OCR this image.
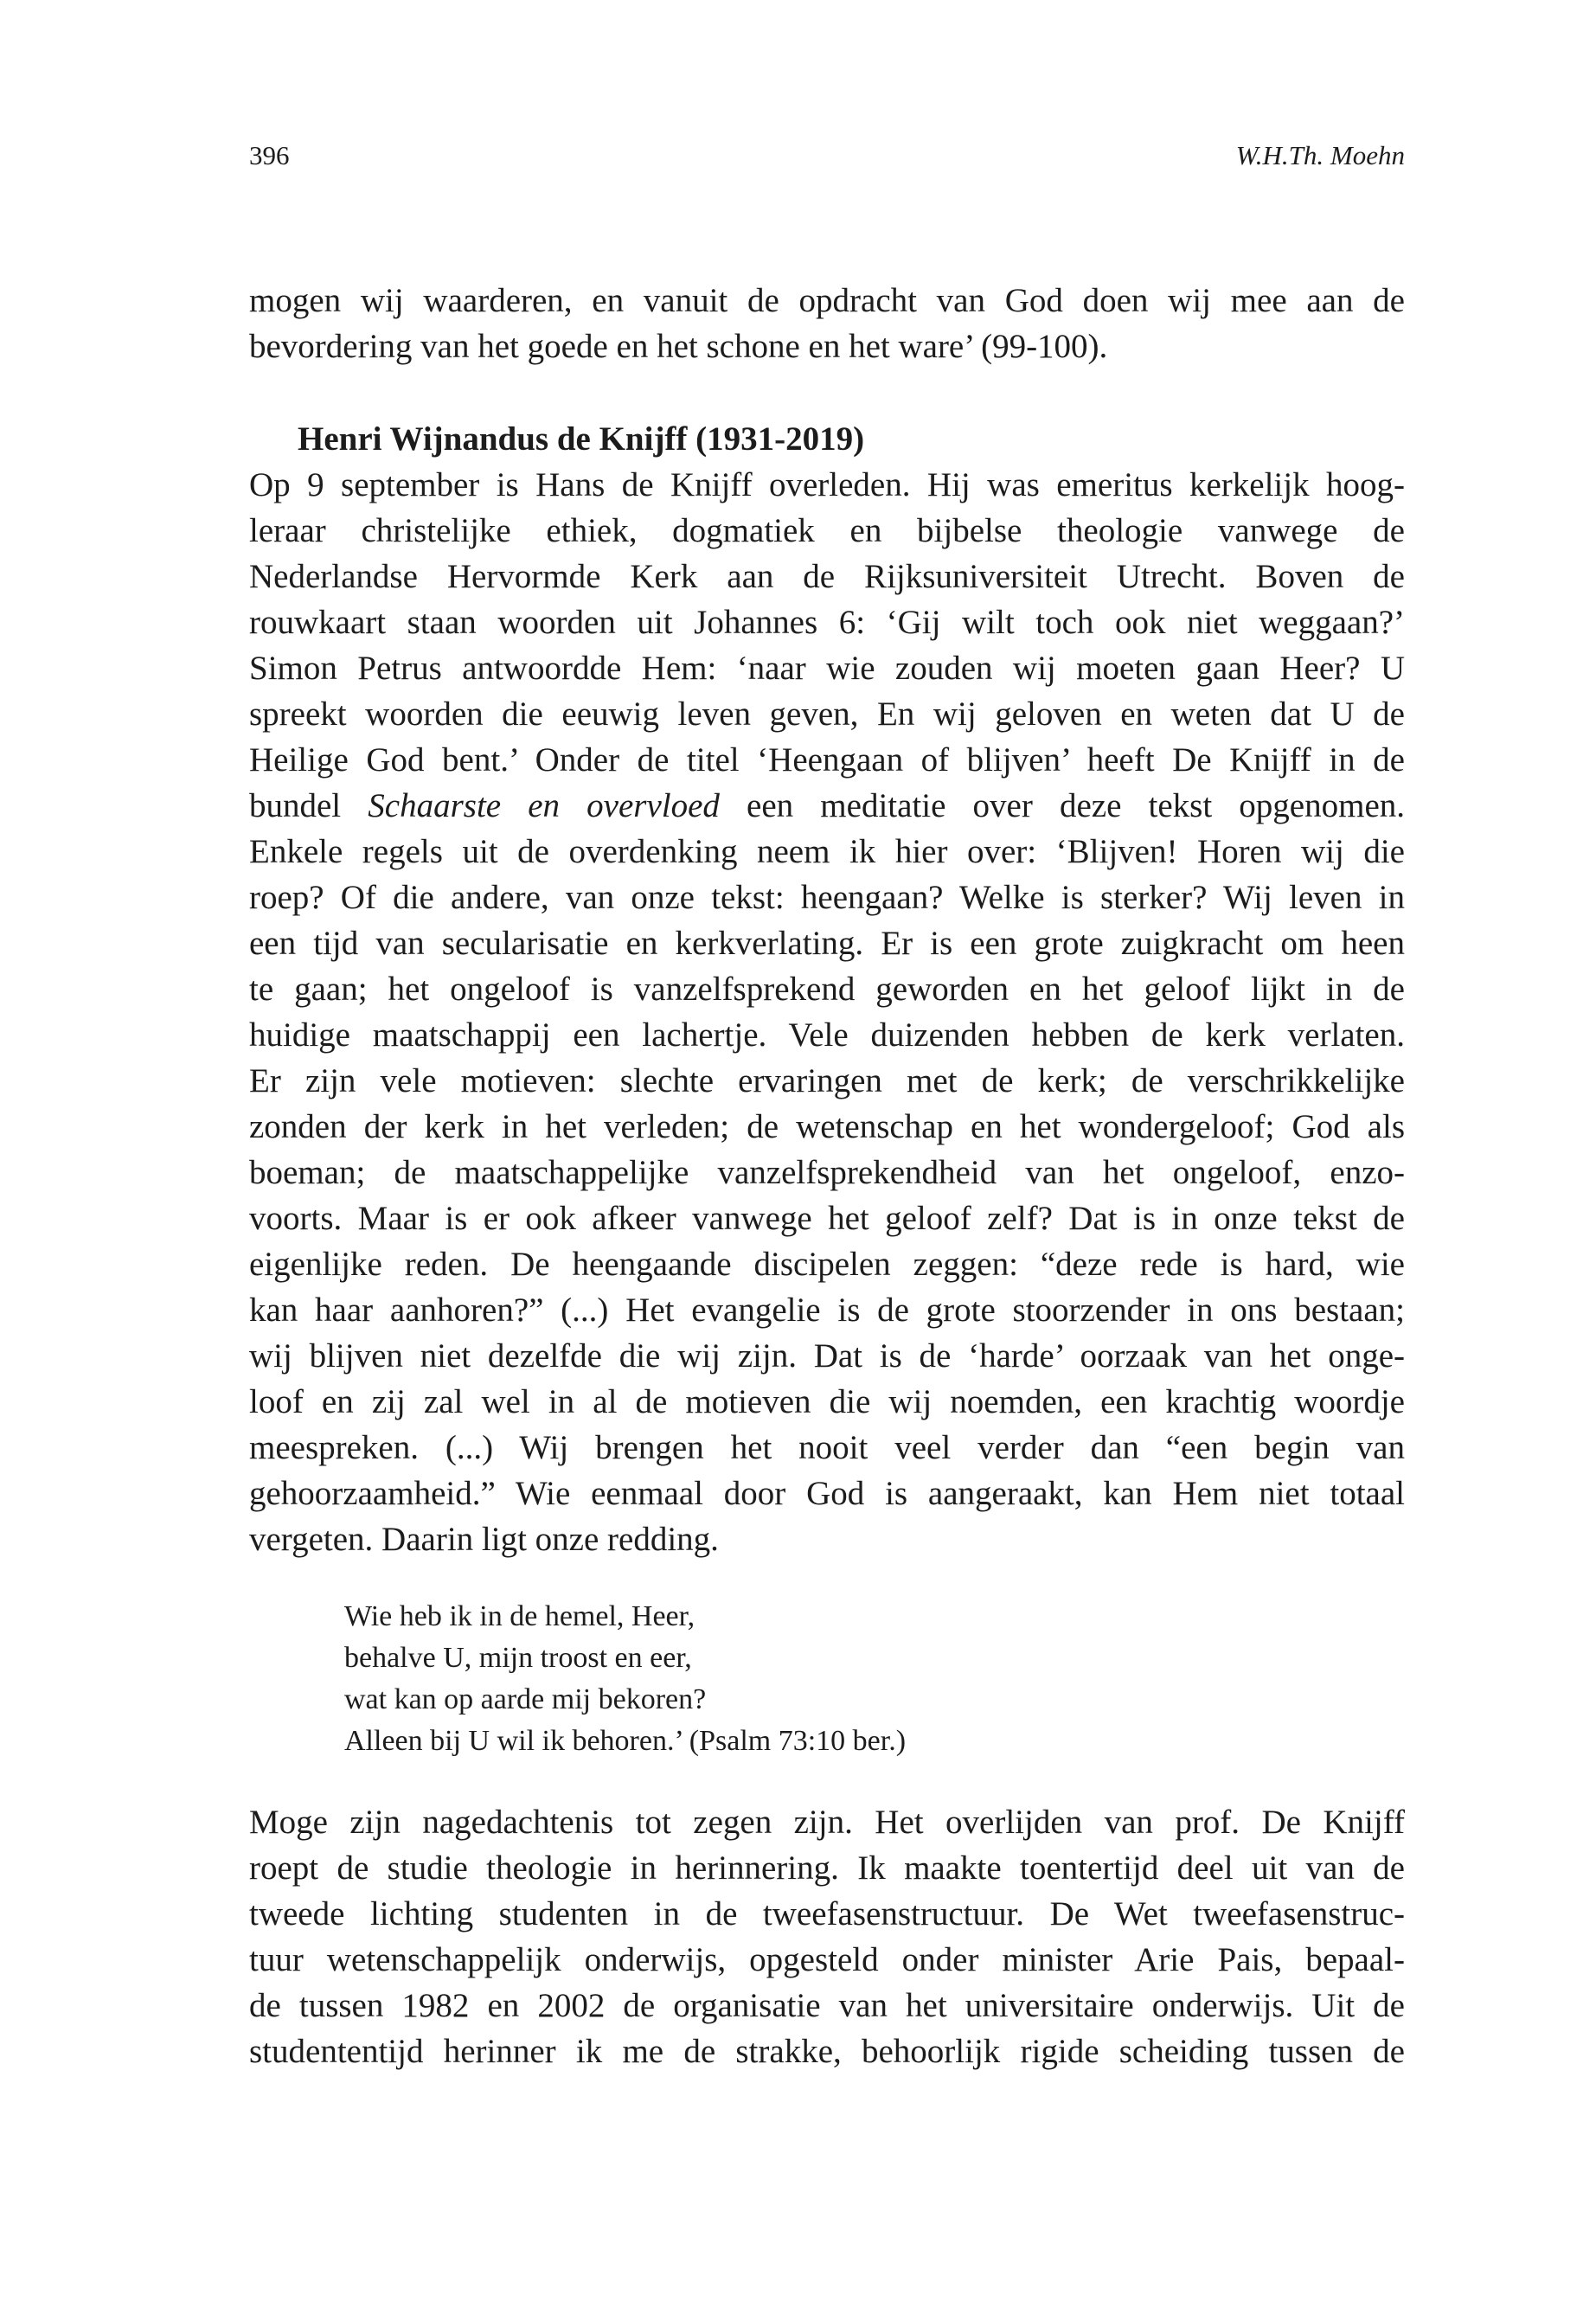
396	W.H.Th. Moehn
mogen wij waarderen, en vanuit de opdracht van God doen wij mee aan de
bevordering van het goede en het schone en het ware’ (99-100).
Henri Wijnandus de Knijff (1931-2019)
Op 9 september is Hans de Knijff overleden. Hij was emeritus kerkelijk hoog-
leraar christelijke ethiek, dogmatiek en bijbelse theologie vanwege de
Nederlandse Hervormde Kerk aan de Rijksuniversiteit Utrecht. Boven de
rouwkaart staan woorden uit Johannes 6: ‘Gij wilt toch ook niet weggaan?’
Simon Petrus antwoordde Hem: ‘naar wie zouden wij moeten gaan Heer? U
spreekt woorden die eeuwig leven geven, En wij geloven en weten dat U de
Heilige God bent.’ Onder de titel ‘Heengaan of blijven’ heeft De Knijff in de
bundel Schaarste en overvloed een meditatie over deze tekst opgenomen.
Enkele regels uit de overdenking neem ik hier over: ‘Blijven! Horen wij die
roep? Of die andere, van onze tekst: heengaan? Welke is sterker? Wij leven in
een tijd van secularisatie en kerkverlating. Er is een grote zuigkracht om heen
te gaan; het ongeloof is vanzelfsprekend geworden en het geloof lijkt in de
huidige maatschappij een lachertje. Vele duizenden hebben de kerk verlaten.
Er zijn vele motieven: slechte ervaringen met de kerk; de verschrikkelijke
zonden der kerk in het verleden; de wetenschap en het wondergeloof; God als
boeman; de maatschappelijke vanzelfsprekendheid van het ongeloof, enzo-
voorts. Maar is er ook afkeer vanwege het geloof zelf? Dat is in onze tekst de
eigenlijke reden. De heengaande discipelen zeggen: “deze rede is hard, wie
kan haar aanhoren?” (...) Het evangelie is de grote stoorzender in ons bestaan;
wij blijven niet dezelfde die wij zijn. Dat is de ‘harde’ oorzaak van het onge-
loof en zij zal wel in al de motieven die wij noemden, een krachtig woordje
meespreken. (...) Wij brengen het nooit veel verder dan “een begin van
gehoorzaamheid.” Wie eenmaal door God is aangeraakt, kan Hem niet totaal
vergeten. Daarin ligt onze redding.
Wie heb ik in de hemel, Heer,
behalve U, mijn troost en eer,
wat kan op aarde mij bekoren?
Alleen bij U wil ik behoren.’ (Psalm 73:10 ber.)
Moge zijn nagedachtenis tot zegen zijn. Het overlijden van prof. De Knijff
roept de studie theologie in herinnering. Ik maakte toentertijd deel uit van de
tweede lichting studenten in de tweefasenstructuur. De Wet tweefasenstruc-
tuur wetenschappelijk onderwijs, opgesteld onder minister Arie Pais, bepaal-
de tussen 1982 en 2002 de organisatie van het universitaire onderwijs. Uit de
studententijd herinner ik me de strakke, behoorlijk rigide scheiding tussen de
